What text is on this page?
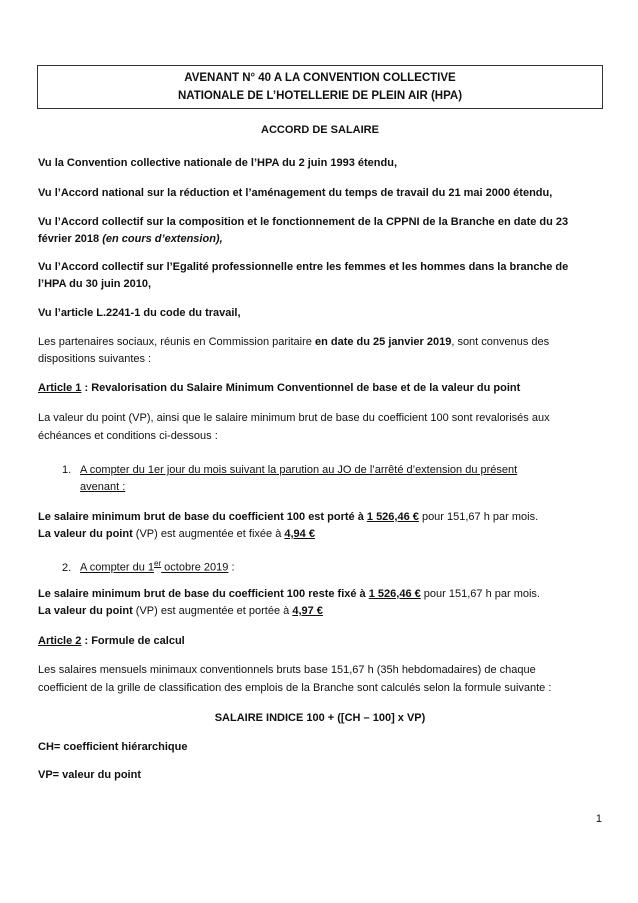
AVENANT N° 40 A LA CONVENTION COLLECTIVE
NATIONALE DE L’HOTELLERIE DE PLEIN AIR (HPA)
ACCORD DE SALAIRE
Vu la Convention collective nationale de l’HPA du 2 juin 1993 étendu,
Vu l’Accord national sur la réduction et l’aménagement du temps de travail du 21 mai 2000 étendu,
Vu l’Accord collectif sur la composition et le fonctionnement de la CPPNI de la Branche en date du 23
février 2018 (en cours d’extension),
Vu l’Accord collectif sur l’Egalité professionnelle entre les femmes et les hommes dans la branche de
l’HPA du 30 juin 2010,
Vu l’article L.2241-1 du code du travail,
Les partenaires sociaux, réunis en Commission paritaire en date du 25 janvier 2019, sont convenus des
dispositions suivantes :
Article 1 : Revalorisation du Salaire Minimum Conventionnel de base et de la valeur du point
La valeur du point (VP), ainsi que le salaire minimum brut de base du coefficient 100 sont revalorisés aux
échéances et conditions ci-dessous :
1. A compter du 1er jour du mois suivant la parution au JO de l’arrêté d’extension du présent
avenant :
Le salaire minimum brut de base du coefficient 100 est porté à 1 526,46 € pour 151,67 h par mois.
La valeur du point (VP) est augmentée et fixée à 4,94 €
2. A compter du 1er octobre 2019 :
Le salaire minimum brut de base du coefficient 100 reste fixé à 1 526,46 € pour 151,67 h par mois.
La valeur du point (VP) est augmentée et portée à 4,97 €
Article 2 : Formule de calcul
Les salaires mensuels minimaux conventionnels bruts base 151,67 h (35h hebdomadaires) de chaque
coefficient de la grille de classification des emplois de la Branche sont calculés selon la formule suivante :
SALAIRE INDICE 100 + ([CH – 100] x VP)
CH= coefficient hiérarchique
VP= valeur du point
1
